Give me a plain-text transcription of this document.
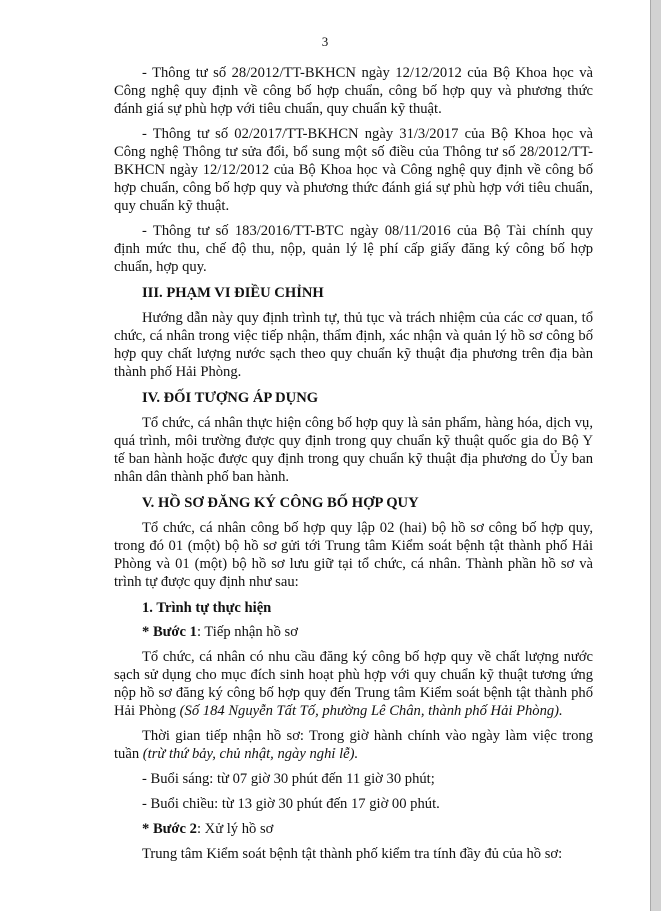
3

- Thông tư số 28/2012/TT-BKHCN ngày 12/12/2012 của Bộ Khoa học và Công nghệ quy định về công bố hợp chuẩn, công bố hợp quy và phương thức đánh giá sự phù hợp với tiêu chuẩn, quy chuẩn kỹ thuật.

- Thông tư số 02/2017/TT-BKHCN ngày 31/3/2017 của Bộ Khoa học và Công nghệ Thông tư sửa đổi, bổ sung một số điều của Thông tư số 28/2012/TT-BKHCN ngày 12/12/2012 của Bộ Khoa học và Công nghệ quy định về công bố hợp chuẩn, công bố hợp quy và phương thức đánh giá sự phù hợp với tiêu chuẩn, quy chuẩn kỹ thuật.

- Thông tư số 183/2016/TT-BTC ngày 08/11/2016 của Bộ Tài chính quy định mức thu, chế độ thu, nộp, quản lý lệ phí cấp giấy đăng ký công bố hợp chuẩn, hợp quy.

III. PHẠM VI ĐIỀU CHỈNH

Hướng dẫn này quy định trình tự, thủ tục và trách nhiệm của các cơ quan, tổ chức, cá nhân trong việc tiếp nhận, thẩm định, xác nhận và quản lý hồ sơ công bố hợp quy chất lượng nước sạch theo quy chuẩn kỹ thuật địa phương trên địa bàn thành phố Hải Phòng.

IV. ĐỐI TƯỢNG ÁP DỤNG

Tổ chức, cá nhân thực hiện công bố hợp quy là sản phẩm, hàng hóa, dịch vụ, quá trình, môi trường được quy định trong quy chuẩn kỹ thuật quốc gia do Bộ Y tế ban hành hoặc được quy định trong quy chuẩn kỹ thuật địa phương do Ủy ban nhân dân thành phố ban hành.

V. HỒ SƠ ĐĂNG KÝ CÔNG BỐ HỢP QUY

Tổ chức, cá nhân công bố hợp quy lập 02 (hai) bộ hồ sơ công bố hợp quy, trong đó 01 (một) bộ hồ sơ gửi tới Trung tâm Kiểm soát bệnh tật thành phố Hải Phòng và 01 (một) bộ hồ sơ lưu giữ tại tổ chức, cá nhân. Thành phần hồ sơ và trình tự được quy định như sau:

1. Trình tự thực hiện
* Bước 1: Tiếp nhận hồ sơ

Tổ chức, cá nhân có nhu cầu đăng ký công bố hợp quy về chất lượng nước sạch sử dụng cho mục đích sinh hoạt phù hợp với quy chuẩn kỹ thuật tương ứng nộp hồ sơ đăng ký công bố hợp quy đến Trung tâm Kiểm soát bệnh tật thành phố Hải Phòng (Số 184 Nguyễn Tất Tố, phường Lê Chân, thành phố Hải Phòng).

Thời gian tiếp nhận hồ sơ: Trong giờ hành chính vào ngày làm việc trong tuần (trừ thứ bảy, chủ nhật, ngày nghỉ lễ).

- Buổi sáng: từ 07 giờ 30 phút đến 11 giờ 30 phút;

- Buổi chiều: từ 13 giờ 30 phút đến 17 giờ 00 phút.

* Bước 2: Xử lý hồ sơ

Trung tâm Kiểm soát bệnh tật thành phố kiểm tra tính đầy đủ của hồ sơ:
